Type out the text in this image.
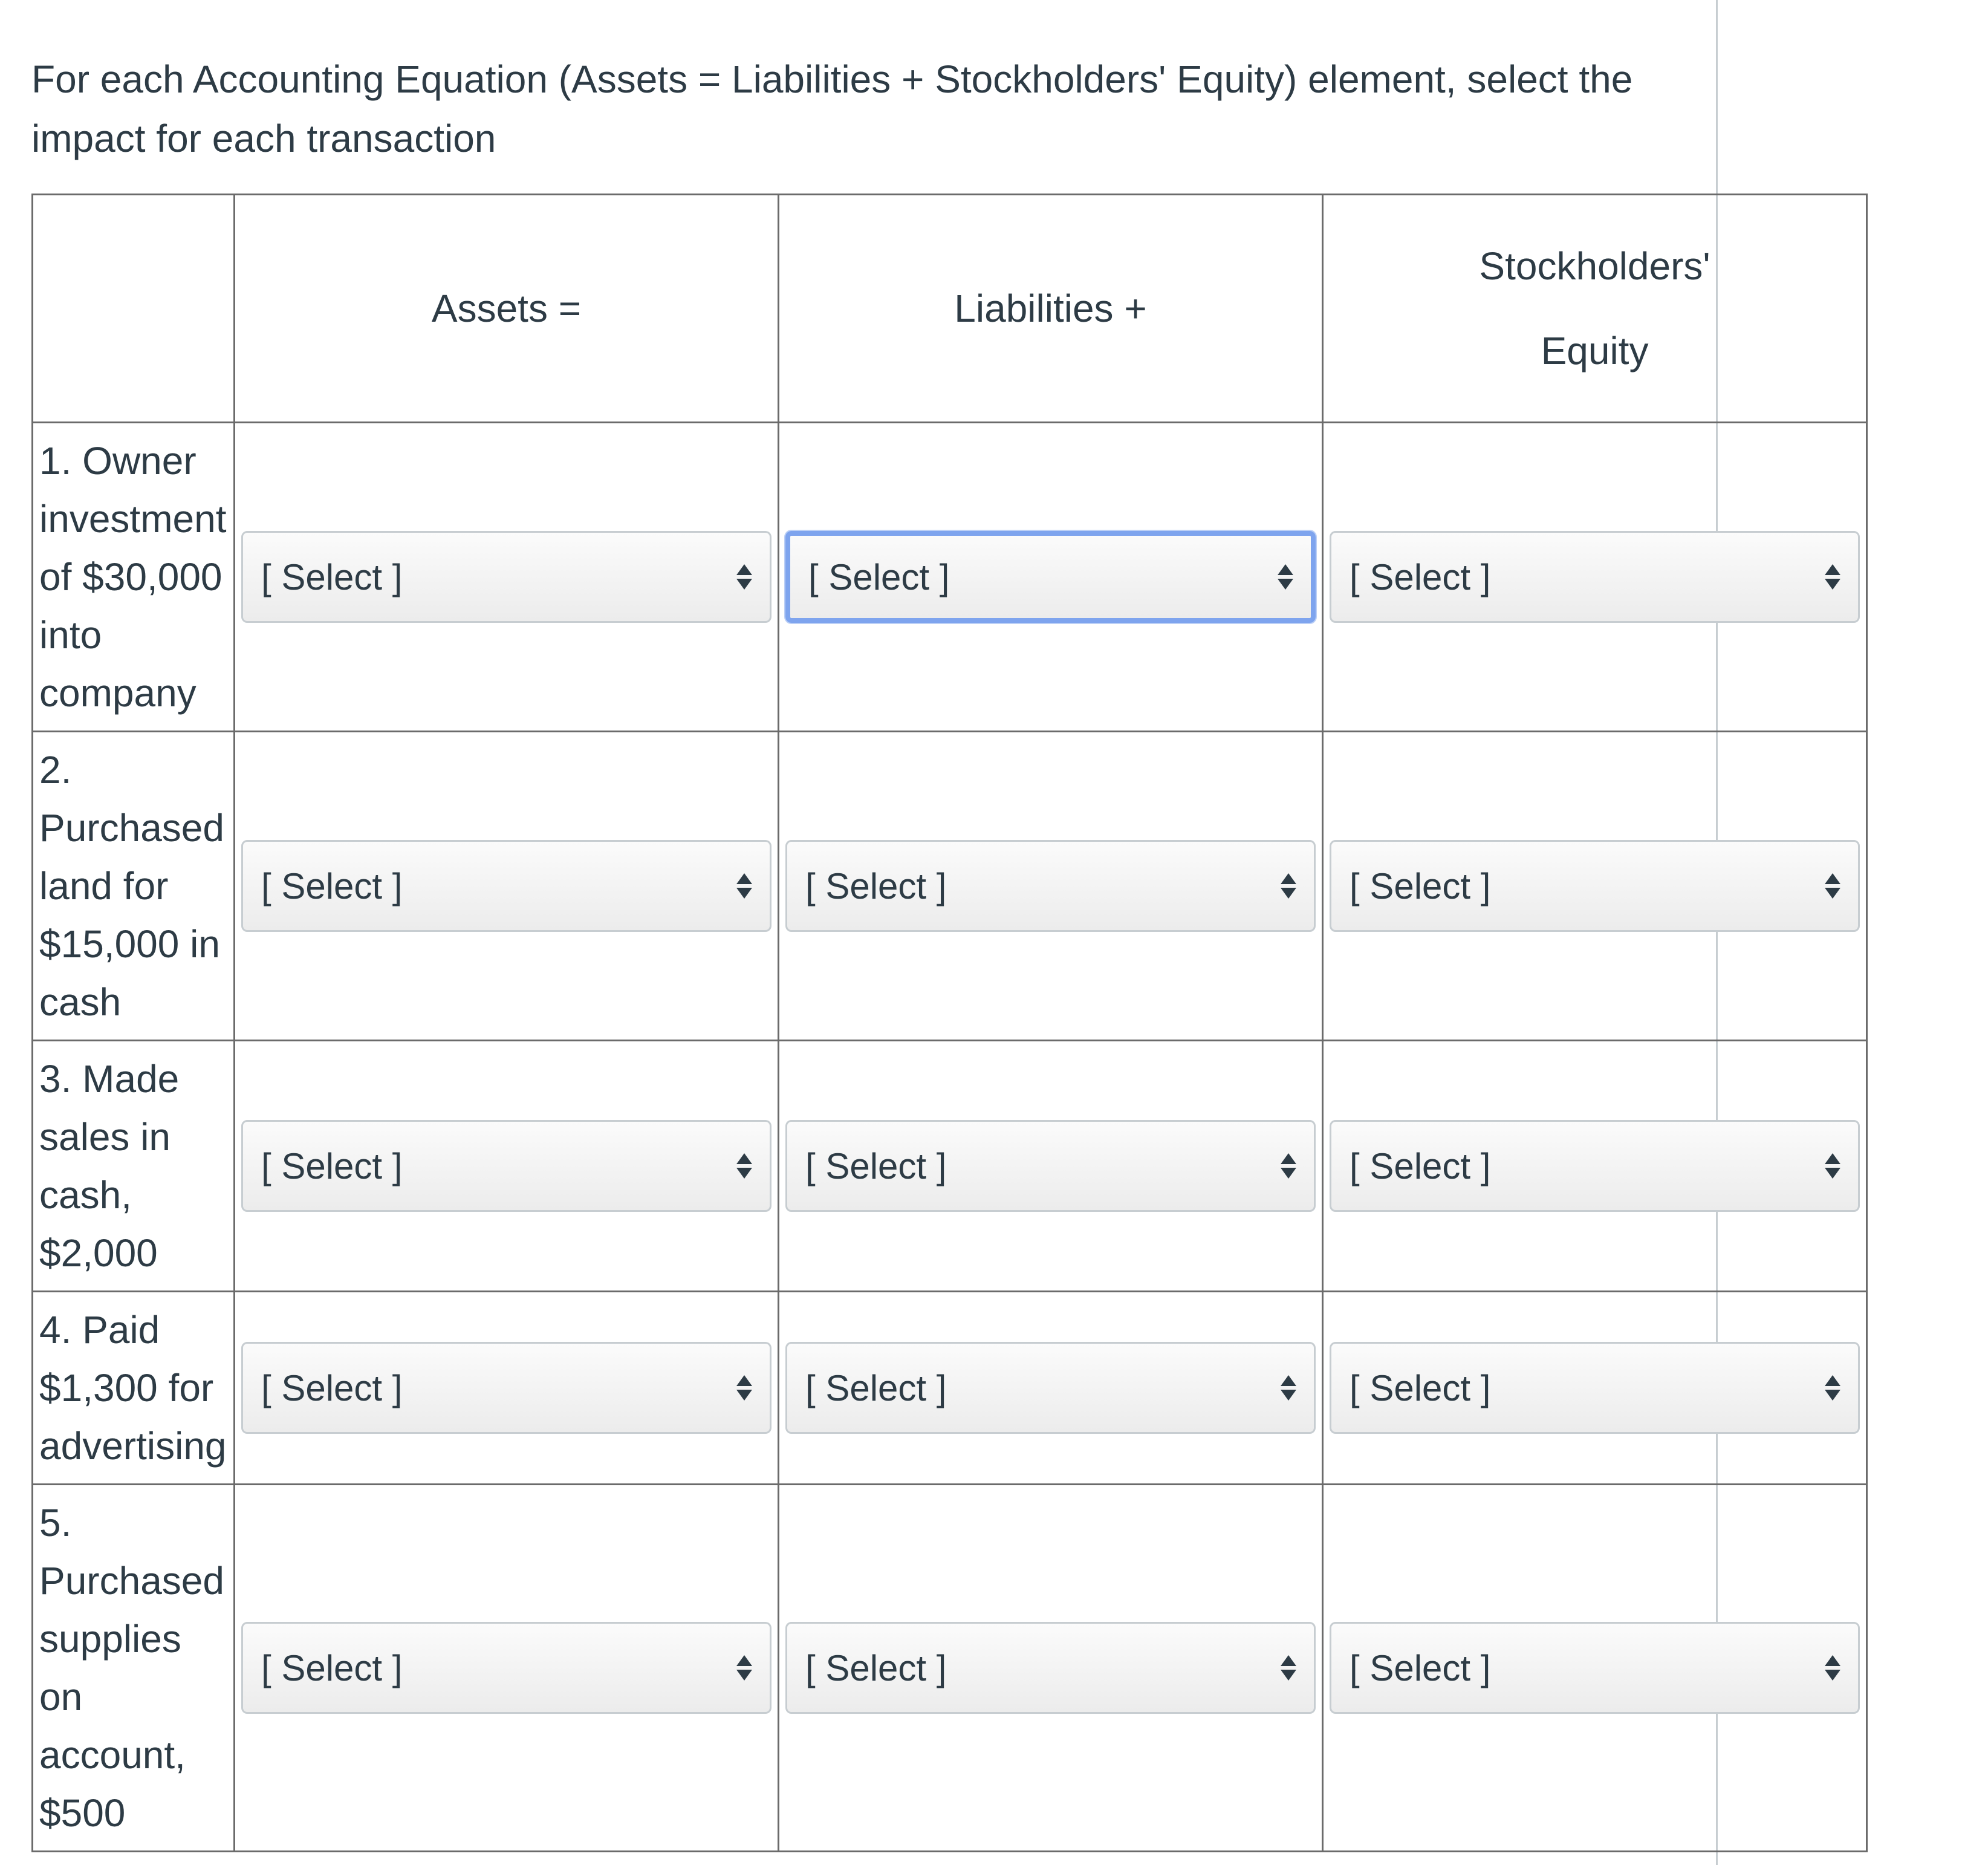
For each Accounting Equation (Assets = Liabilities + Stockholders' Equity) element, select the impact for each transaction

	Assets =	Liabilities +	Stockholders'
Equity

1. Owner investment of $30,000 into company	[ Select ]	[ Select ]	[ Select ]

2. Purchased land for $15,000 in cash	[ Select ]	[ Select ]	[ Select ]

3. Made sales in cash, $2,000	[ Select ]	[ Select ]	[ Select ]

4. Paid $1,300 for advertising	[ Select ]	[ Select ]	[ Select ]

5. Purchased supplies on account, $500	[ Select ]	[ Select ]	[ Select ]
